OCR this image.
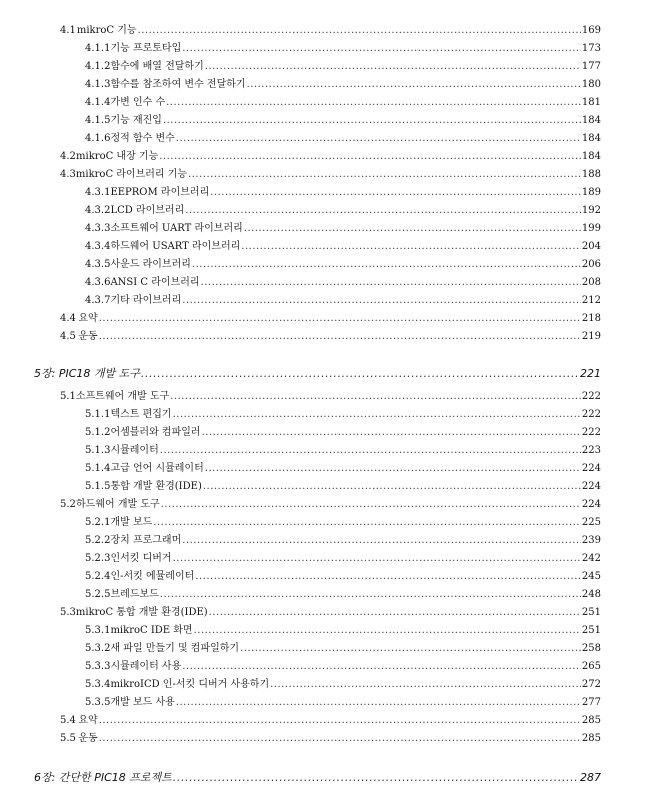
4.1 mikroC 기능 .....	169
4.1.1 기능 프로토타입 .....	173
4.1.2 함수에 배열 전달하기 .....	177
4.1.3 함수를 참조하여 변수 전달하기 .....	180
4.1.4 가변 인수 수 .....	181
4.1.5 기능 재진입 .....	184
4.1.6 정적 함수 변수 .....	184
4.2 mikroC 내장 기능 .....	184
4.3 mikroC 라이브러리 기능 .....	188
4.3.1 EEPROM 라이브러리 .....	189
4.3.2 LCD 라이브러리 .....	192
4.3.3 소프트웨어 UART 라이브러리 .....	199
4.3.4 하드웨어 USART 라이브러리 .....	204
4.3.5 사운드 라이브러리 .....	206
4.3.6 ANSI C 라이브러리 .....	208
4.3.7 기타 라이브러리 .....	212
4.4 요약 .....	218
4.5 운동 .....	219
5장: PIC18 개발 도구 .....	221
5.1 소프트웨어 개발 도구 .....	222
5.1.1 텍스트 편집기 .....	222
5.1.2 어셈블러와 컴파일러 .....	222
5.1.3 시뮬레이터 .....	223
5.1.4 고급 언어 시뮬레이터 .....	224
5.1.5 통합 개발 환경(IDE) .....	224
5.2 하드웨어 개발 도구 .....	224
5.2.1 개발 보드 .....	225
5.2.2 장치 프로그래머 .....	239
5.2.3 인서킷 디버거 .....	242
5.2.4 인-서킷 에뮬레이터 .....	245
5.2.5 브레드보드 .....	248
5.3 mikroC 통합 개발 환경(IDE) .....	251
5.3.1 mikroC IDE 화면 .....	251
5.3.2 새 파일 만들기 및 컴파일하기 .....	258
5.3.3 시뮬레이터 사용 .....	265
5.3.4 mikroICD 인-서킷 디버거 사용하기 .....	272
5.3.5 개발 보드 사용 .....	277
5.4 요약 .....	285
5.5 운동 .....	285
6장: 간단한 PIC18 프로젝트 .....	287
